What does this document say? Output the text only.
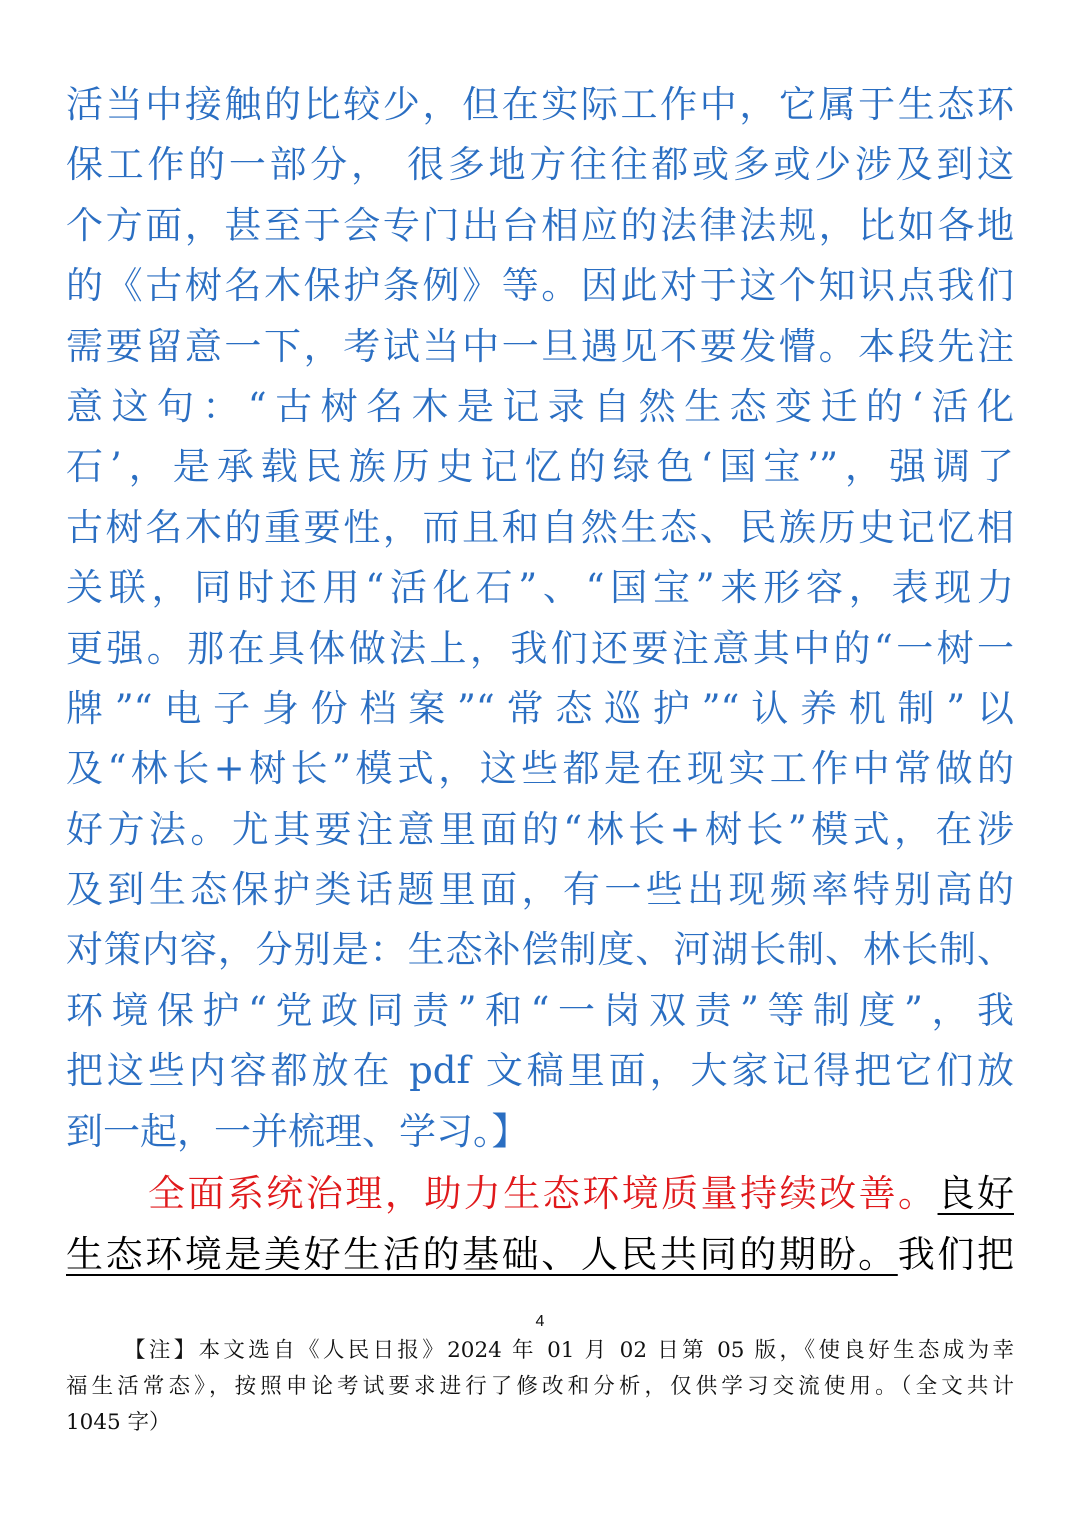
活当中接触的比较少，但在实际工作中，它属于生态环
保工作的一部分， 很多地方往往都或多或少涉及到这
个方面，甚至于会专门出台相应的法律法规，比如各地
的《古树名木保护条例》等。因此对于这个知识点我们
需要留意一下，考试当中一旦遇见不要发懵。本段先注
意这句：“古树名木是记录自然生态变迁的‘活化
石’，是承载民族历史记忆的绿色‘国宝’”，强调了
古树名木的重要性，而且和自然生态、民族历史记忆相
关联，同时还用“活化石”、“国宝”来形容，表现力
更强。那在具体做法上，我们还要注意其中的“一树一
牌”“电子身份档案”“常态巡护”“认养机制”以
及“林长+树长”模式，这些都是在现实工作中常做的
好方法。尤其要注意里面的“林长+树长”模式，在涉
及到生态保护类话题里面，有一些出现频率特别高的
对策内容，分别是：生态补偿制度、河湖长制、林长制、
环境保护“党政同责”和“一岗双责”等制度”，我
把这些内容都放在 pdf 文稿里面，大家记得把它们放
到一起，一并梳理、学习。】
全面系统治理，助力生态环境质量持续改善。良好
生态环境是美好生活的基础、人民共同的期盼。我们把
4
【注】本文选自《人民日报》2024 年 01 月 02 日第 05 版，《使良好生态成为幸
福生活常态》，按照申论考试要求进行了修改和分析，仅供学习交流使用。（全文共计
1045 字）
